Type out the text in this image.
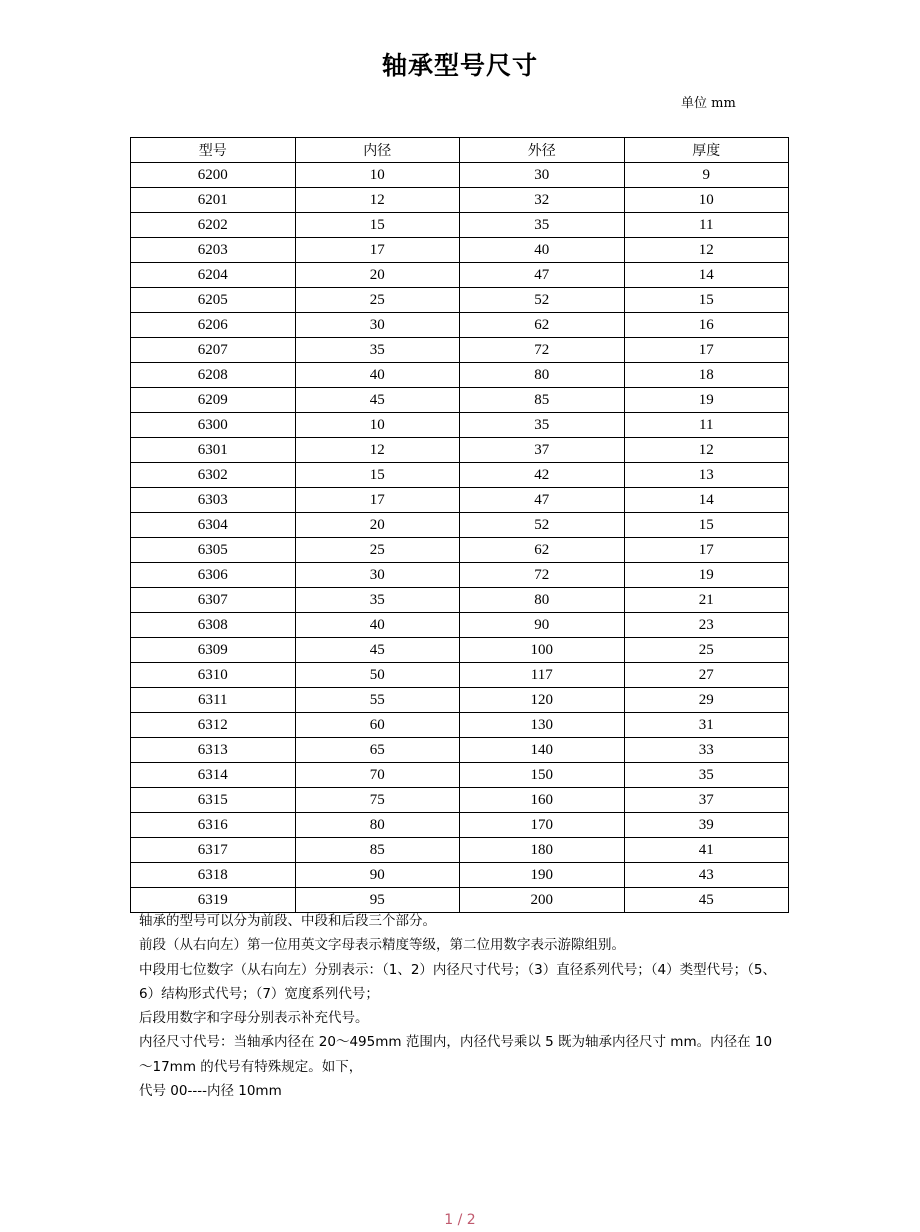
轴承型号尺寸
单位 mm
型号	内径	外径	厚度
6200	10	30	9
6201	12	32	10
6202	15	35	11
6203	17	40	12
6204	20	47	14
6205	25	52	15
6206	30	62	16
6207	35	72	17
6208	40	80	18
6209	45	85	19
6300	10	35	11
6301	12	37	12
6302	15	42	13
6303	17	47	14
6304	20	52	15
6305	25	62	17
6306	30	72	19
6307	35	80	21
6308	40	90	23
6309	45	100	25
6310	50	117	27
6311	55	120	29
6312	60	130	31
6313	65	140	33
6314	70	150	35
6315	75	160	37
6316	80	170	39
6317	85	180	41
6318	90	190	43
6319	95	200	45

轴承的型号可以分为前段、中段和后段三个部分。

前段（从右向左）第一位用英文字母表示精度等级，第二位用数字表示游隙组别。

中段用七位数字（从右向左）分别表示：（1、2）内径尺寸代号；（3）直径系列代号；（4）类型代号；（5、6）结构形式代号；（7）宽度系列代号；

后段用数字和字母分别表示补充代号。

内径尺寸代号：当轴承内径在 20～495mm 范围内，内径代号乘以 5 既为轴承内径尺寸 mm。内径在 10～17mm 的代号有特殊规定。如下，

代号 00----内径 10mm

1 / 2
